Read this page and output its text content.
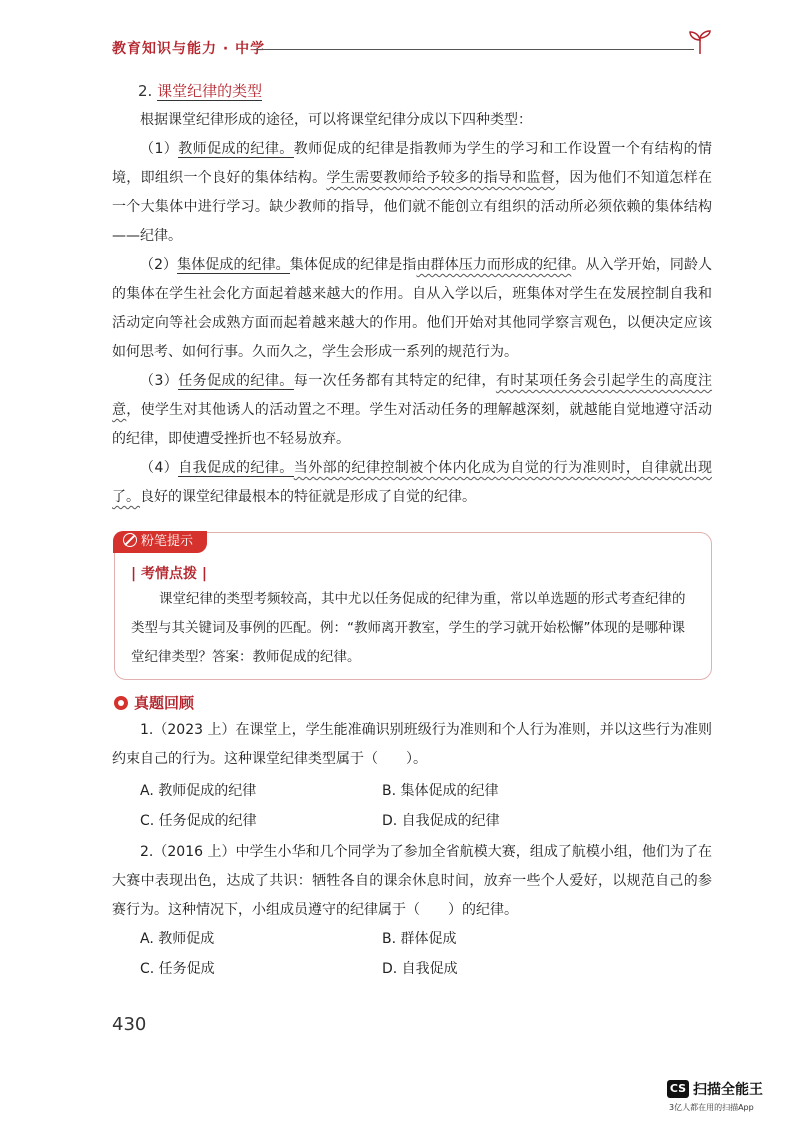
教育知识与能力 · 中学
2. 课堂纪律的类型

根据课堂纪律形成的途径，可以将课堂纪律分成以下四种类型：

（1）教师促成的纪律。教师促成的纪律是指教师为学生的学习和工作设置一个有结构的情境，即组织一个良好的集体结构。学生需要教师给予较多的指导和监督，因为他们不知道怎样在一个大集体中进行学习。缺少教师的指导，他们就不能创立有组织的活动所必须依赖的集体结构——纪律。

（2）集体促成的纪律。集体促成的纪律是指由群体压力而形成的纪律。从入学开始，同龄人的集体在学生社会化方面起着越来越大的作用。自从入学以后，班集体对学生在发展控制自我和活动定向等社会成熟方面而起着越来越大的作用。他们开始对其他同学察言观色，以便决定应该如何思考、如何行事。久而久之，学生会形成一系列的规范行为。

（3）任务促成的纪律。每一次任务都有其特定的纪律，有时某项任务会引起学生的高度注意，使学生对其他诱人的活动置之不理。学生对活动任务的理解越深刻，就越能自觉地遵守活动的纪律，即使遭受挫折也不轻易放弃。

（4）自我促成的纪律。当外部的纪律控制被个体内化成为自觉的行为准则时，自律就出现了。良好的课堂纪律最根本的特征就是形成了自觉的纪律。

粉笔提示
| 考情点拨 |

课堂纪律的类型考频较高，其中尤以任务促成的纪律为重，常以单选题的形式考查纪律的类型与其关键词及事例的匹配。例：“教师离开教室，学生的学习就开始松懈”体现的是哪种课堂纪律类型？答案：教师促成的纪律。

真题回顾

1.（2023 上）在课堂上，学生能准确识别班级行为准则和个人行为准则，并以这些行为准则约束自己的行为。这种课堂纪律类型属于（　　）。

A. 教师促成的纪律	B. 集体促成的纪律
C. 任务促成的纪律	D. 自我促成的纪律

2.（2016 上）中学生小华和几个同学为了参加全省航模大赛，组成了航模小组，他们为了在大赛中表现出色，达成了共识：牺牲各自的课余休息时间，放弃一些个人爱好，以规范自己的参赛行为。这种情况下，小组成员遵守的纪律属于（　　）的纪律。

A. 教师促成	B. 群体促成
C. 任务促成	D. 自我促成
430
CS 扫描全能王
3亿人都在用的扫描App
